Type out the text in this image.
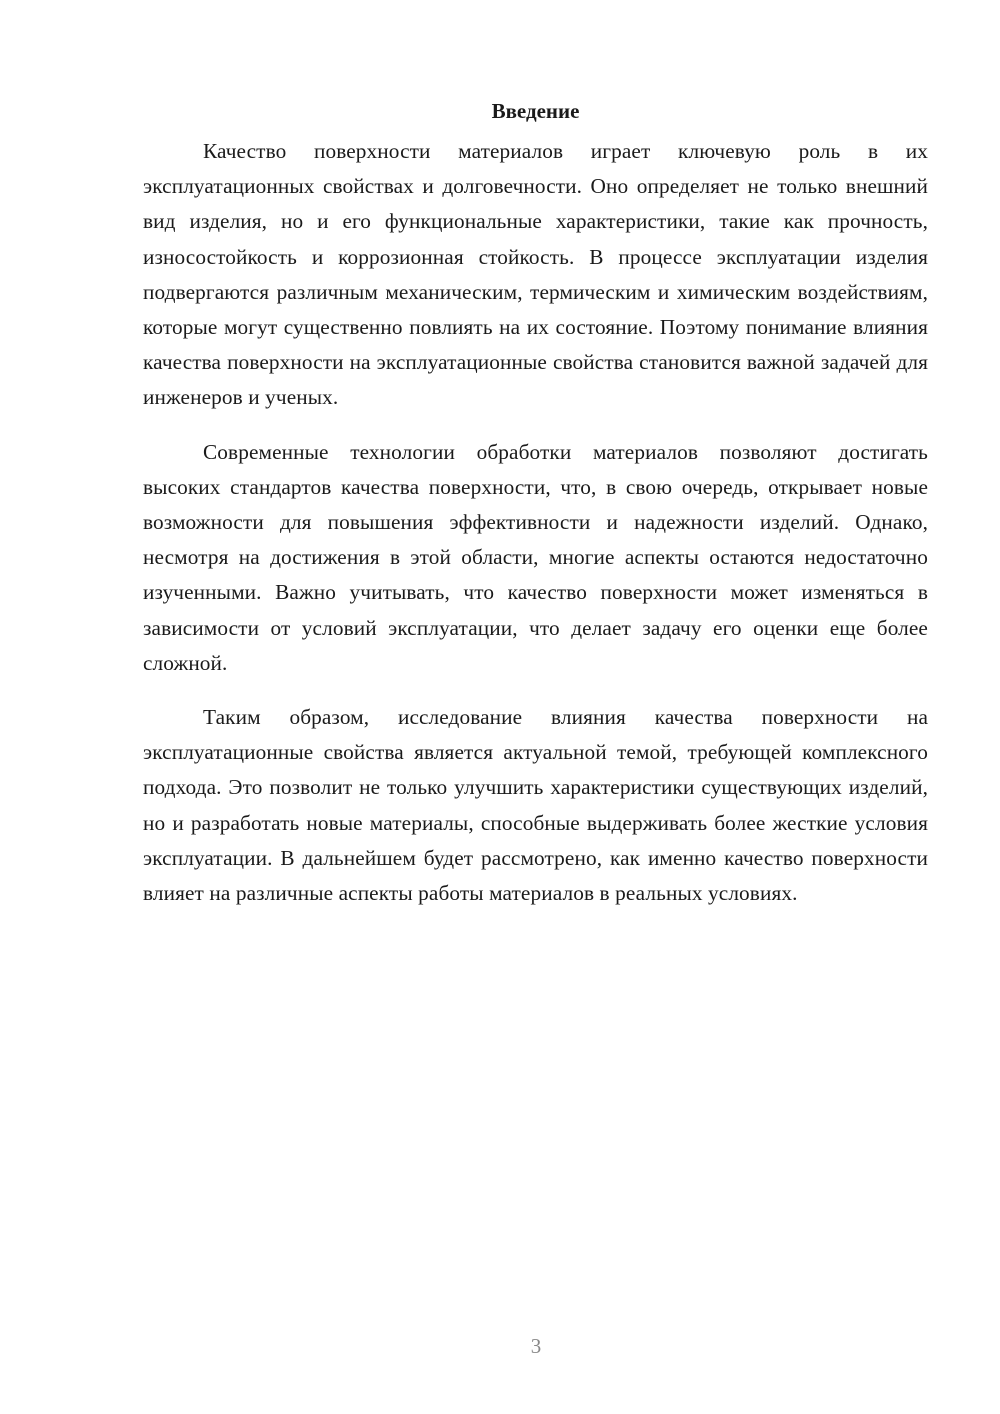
Введение

Качество поверхности материалов играет ключевую роль в их эксплуатационных свойствах и долговечности. Оно определяет не только внешний вид изделия, но и его функциональные характеристики, такие как прочность, износостойкость и коррозионная стойкость. В процессе эксплуатации изделия подвергаются различным механическим, термическим и химическим воздействиям, которые могут существенно повлиять на их состояние. Поэтому понимание влияния качества поверхности на эксплуатационные свойства становится важной задачей для инженеров и ученых.

Современные технологии обработки материалов позволяют достигать высоких стандартов качества поверхности, что, в свою очередь, открывает новые возможности для повышения эффективности и надежности изделий. Однако, несмотря на достижения в этой области, многие аспекты остаются недостаточно изученными. Важно учитывать, что качество поверхности может изменяться в зависимости от условий эксплуатации, что делает задачу его оценки еще более сложной.

Таким образом, исследование влияния качества поверхности на эксплуатационные свойства является актуальной темой, требующей комплексного подхода. Это позволит не только улучшить характеристики существующих изделий, но и разработать новые материалы, способные выдерживать более жесткие условия эксплуатации. В дальнейшем будет рассмотрено, как именно качество поверхности влияет на различные аспекты работы материалов в реальных условиях.

3
